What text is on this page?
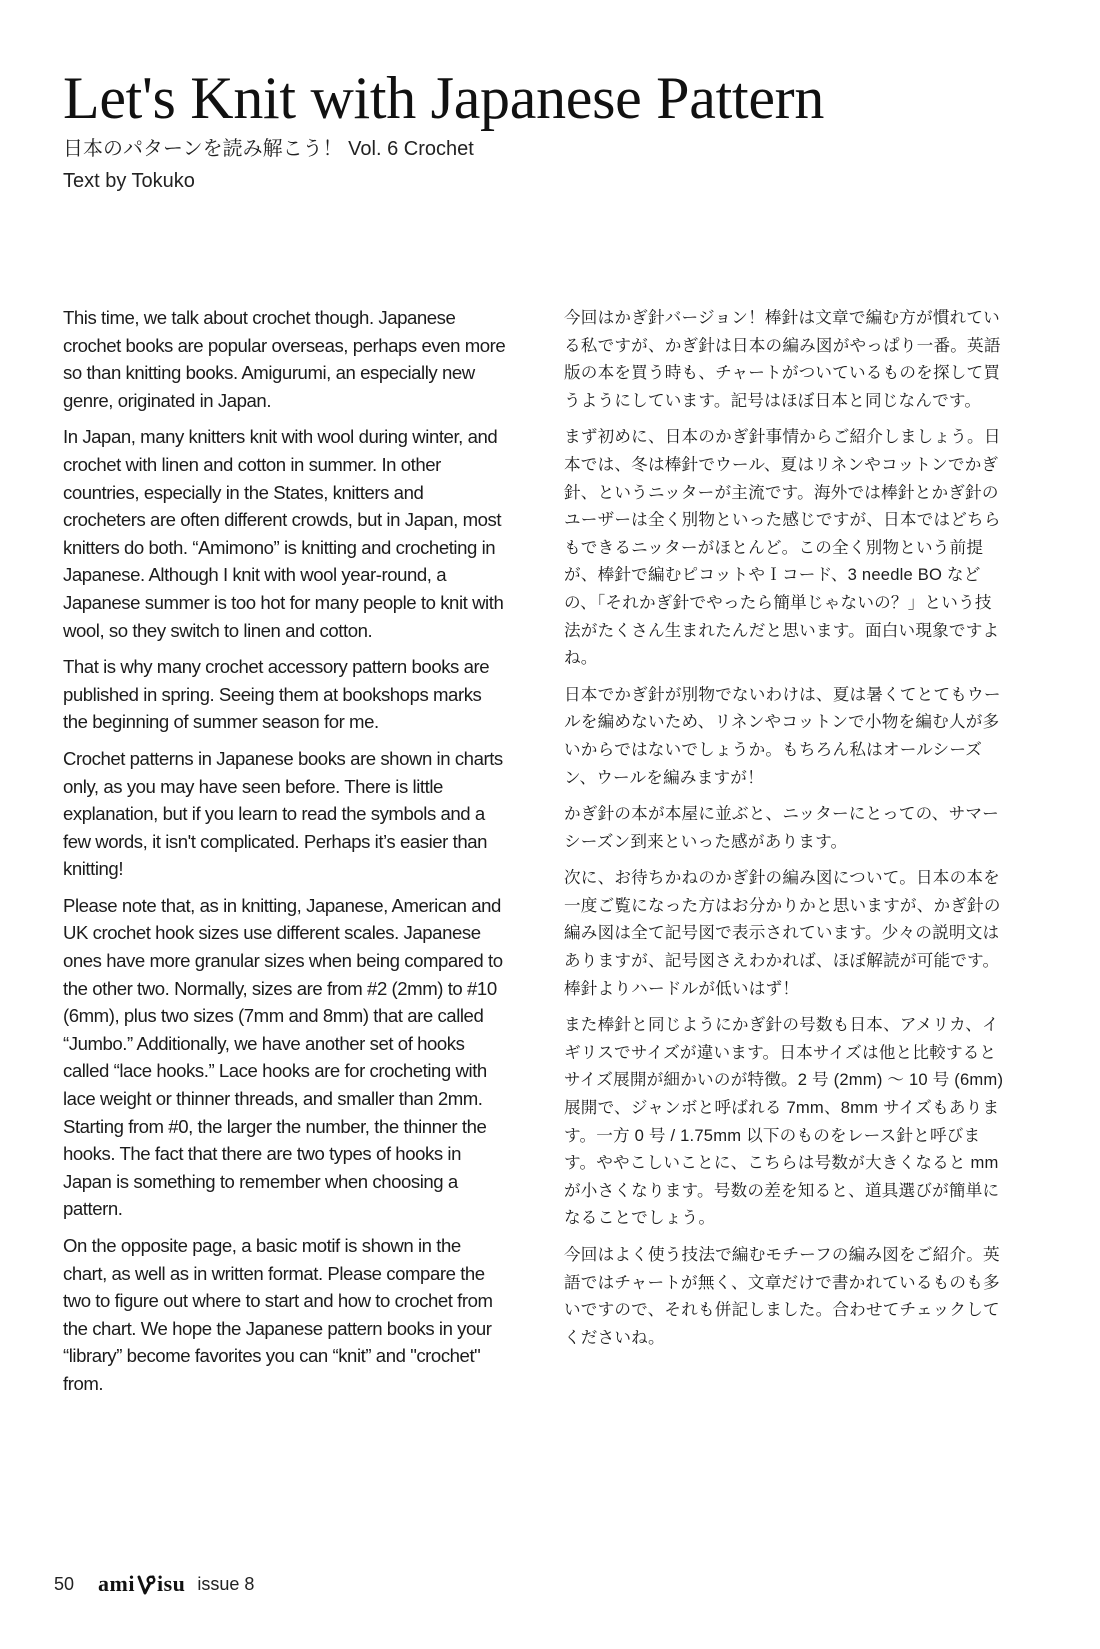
Let's Knit with Japanese Pattern
日本のパターンを読み解こう！ Vol. 6 Crochet
Text by Tokuko

This time, we talk about crochet though. Japanese crochet books are popular overseas, perhaps even more so than knitting books. Amigurumi, an especially new genre, originated in Japan.

In Japan, many knitters knit with wool during winter, and crochet with linen and cotton in summer. In other countries, especially in the States, knitters and crocheters are often different crowds, but in Japan, most knitters do both. “Amimono” is knitting and crocheting in Japanese. Although I knit with wool year-round, a Japanese summer is too hot for many people to knit with wool, so they switch to linen and cotton.

That is why many crochet accessory pattern books are published in spring. Seeing them at bookshops marks the beginning of summer season for me.

Crochet patterns in Japanese books are shown in charts only, as you may have seen before. There is little explanation, but if you learn to read the symbols and a few words, it isn't complicated. Perhaps it’s easier than knitting!

Please note that, as in knitting, Japanese, American and UK crochet hook sizes use different scales. Japanese ones have more granular sizes when being compared to the other two. Normally, sizes are from #2 (2mm) to #10 (6mm), plus two sizes (7mm and 8mm) that are called “Jumbo.” Additionally, we have another set of hooks called “lace hooks.” Lace hooks are for crocheting with lace weight or thinner threads, and smaller than 2mm. Starting from #0, the larger the number, the thinner the hooks. The fact that there are two types of hooks in Japan is something to remember when choosing a pattern.

On the opposite page, a basic motif is shown in the chart, as well as in written format. Please compare the two to figure out where to start and how to crochet from the chart. We hope the Japanese pattern books in your “library” become favorites you can “knit” and "crochet" from.

今回はかぎ針バージョン！棒針は文章で編む方が慣れている私ですが、かぎ針は日本の編み図がやっぱり一番。英語版の本を買う時も、チャートがついているものを探して買うようにしています。記号はほぼ日本と同じなんです。

まず初めに、日本のかぎ針事情からご紹介しましょう。日本では、冬は棒針でウール、夏はリネンやコットンでかぎ針、というニッターが主流です。海外では棒針とかぎ針のユーザーは全く別物といった感じですが、日本ではどちらもできるニッターがほとんど。この全く別物という前提が、棒針で編むピコットやＩコード、3 needle BO などの、「それかぎ針でやったら簡単じゃないの？」という技法がたくさん生まれたんだと思います。面白い現象ですよね。

日本でかぎ針が別物でないわけは、夏は暑くてとてもウールを編めないため、リネンやコットンで小物を編む人が多いからではないでしょうか。もちろん私はオールシーズン、ウールを編みますが！

かぎ針の本が本屋に並ぶと、ニッターにとっての、サマーシーズン到来といった感があります。

次に、お待ちかねのかぎ針の編み図について。日本の本を一度ご覧になった方はお分かりかと思いますが、かぎ針の編み図は全て記号図で表示されています。少々の説明文はありますが、記号図さえわかれば、ほぼ解読が可能です。棒針よりハードルが低いはず！

また棒針と同じようにかぎ針の号数も日本、アメリカ、イギリスでサイズが違います。日本サイズは他と比較するとサイズ展開が細かいのが特徴。2 号 (2mm) ～ 10 号 (6mm) 展開で、ジャンボと呼ばれる 7mm、8mm サイズもあります。一方 0 号 / 1.75mm 以下のものをレース針と呼びます。ややこしいことに、こちらは号数が大きくなると mm が小さくなります。号数の差を知ると、道具選びが簡単になることでしょう。

今回はよく使う技法で編むモチーフの編み図をご紹介。英語ではチャートが無く、文章だけで書かれているものも多いですので、それも併記しました。合わせてチェックしてくださいね。

50 ami isu issue 8
